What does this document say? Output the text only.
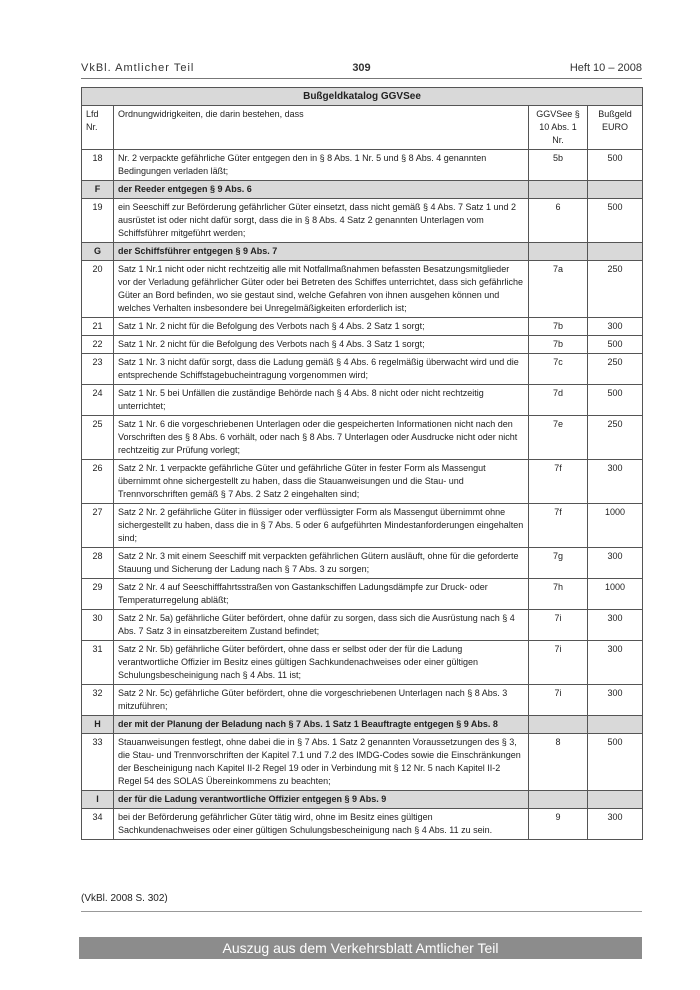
VkBl. Amtlicher Teil	309	Heft 10 – 2008
Bußgeldkatalog GGVSee			
Lfd Nr.	Ordnungwidrigkeiten, die darin bestehen, dass	GGVSee § 10 Abs. 1 Nr.	Bußgeld EURO
18	Nr. 2 verpackte gefährliche Güter entgegen den in § 8 Abs. 1 Nr. 5 und § 8 Abs. 4 genannten Bedingungen verladen läßt;	5b	500
F	der Reeder entgegen § 9 Abs. 6		
19	ein Seeschiff zur Beförderung gefährlicher Güter einsetzt, dass nicht gemäß § 4 Abs. 7 Satz 1 und 2 ausrüstet ist oder nicht dafür sorgt, dass die in § 8 Abs. 4 Satz 2 genannten Unterlagen vom Schiffsführer mitgeführt werden;	6	500
G	der Schiffsführer entgegen § 9 Abs. 7		
20	Satz 1 Nr.1 nicht oder nicht rechtzeitig alle mit Notfallmaßnahmen befassten Besatzungsmitglieder vor der Verladung gefährlicher Güter oder bei Betreten des Schiffes unterrichtet, dass sich gefährliche Güter an Bord befinden, wo sie gestaut sind, welche Gefahren von ihnen ausgehen können und welches Verhalten insbesondere bei Unregelmäßigkeiten erforderlich ist;	7a	250
21	Satz 1 Nr. 2 nicht für die Befolgung des Verbots nach § 4 Abs. 2 Satz 1 sorgt;	7b	300
22	Satz 1 Nr. 2 nicht für die Befolgung des Verbots nach § 4 Abs. 3 Satz 1 sorgt;	7b	500
23	Satz 1 Nr. 3 nicht dafür sorgt, dass die Ladung gemäß § 4 Abs. 6 regelmäßig überwacht wird und die entsprechende Schiffstagebucheintragung vorgenommen wird;	7c	250
24	Satz 1 Nr. 5 bei Unfällen die zuständige Behörde nach § 4 Abs. 8 nicht oder nicht rechtzeitig unterrichtet;	7d	500
25	Satz 1 Nr. 6 die vorgeschriebenen Unterlagen oder die gespeicherten Informationen nicht nach den Vorschriften des § 8 Abs. 6 vorhält, oder nach § 8 Abs. 7 Unterlagen oder Ausdrucke nicht oder nicht rechtzeitig zur Prüfung vorlegt;	7e	250
26	Satz 2 Nr. 1 verpackte gefährliche Güter und gefährliche Güter in fester Form als Massengut übernimmt ohne sichergestellt zu haben, dass die Stauanweisungen und die Stau- und Trennvorschriften gemäß § 7 Abs. 2 Satz 2 eingehalten sind;	7f	300
27	Satz 2 Nr. 2 gefährliche Güter in flüssiger oder verflüssigter Form als Massengut übernimmt ohne sichergestellt zu haben, dass die in § 7 Abs. 5 oder 6 aufgeführten Mindestanforderungen eingehalten sind;	7f	1000
28	Satz 2 Nr. 3 mit einem Seeschiff mit verpackten gefährlichen Gütern ausläuft, ohne für die geforderte Stauung und Sicherung der Ladung nach § 7 Abs. 3 zu sorgen;	7g	300
29	Satz 2 Nr. 4 auf Seeschifffahrtsstraßen von Gastankschiffen Ladungsdämpfe zur Druck- oder Temperaturregelung abläßt;	7h	1000
30	Satz 2 Nr. 5a) gefährliche Güter befördert, ohne dafür zu sorgen, dass sich die Ausrüstung nach § 4 Abs. 7 Satz 3 in einsatzbereitem Zustand befindet;	7i	300
31	Satz 2 Nr. 5b) gefährliche Güter befördert, ohne dass er selbst oder der für die Ladung verantwortliche Offizier im Besitz eines gültigen Sachkundenachweises oder einer gültigen Schulungsbescheinigung nach § 4 Abs. 11 ist;	7i	300
32	Satz 2 Nr. 5c) gefährliche Güter befördert, ohne die vorgeschriebenen Unterlagen nach § 8 Abs. 3 mitzuführen;	7i	300
H	der mit der Planung der Beladung nach § 7 Abs. 1 Satz 1 Beauftragte entgegen § 9 Abs. 8		
33	Stauanweisungen festlegt, ohne dabei die in § 7 Abs. 1 Satz 2 genannten Voraussetzungen des § 3, die Stau- und Trennvorschriften der Kapitel 7.1 und 7.2 des IMDG-Codes sowie die Einschränkungen der Bescheinigung nach Kapitel II-2 Regel 19 oder in Verbindung mit § 12 Nr. 5 nach Kapitel II-2 Regel 54 des SOLAS Übereinkommens zu beachten;	8	500
I	der für die Ladung verantwortliche Offizier entgegen § 9 Abs. 9		
34	bei der Beförderung gefährlicher Güter tätig wird, ohne im Besitz eines gültigen Sachkundenachweises oder einer gültigen Schulungsbescheinigung nach § 4 Abs. 11 zu sein.	9	300
(VkBl. 2008 S. 302)
Auszug aus dem Verkehrsblatt Amtlicher Teil
